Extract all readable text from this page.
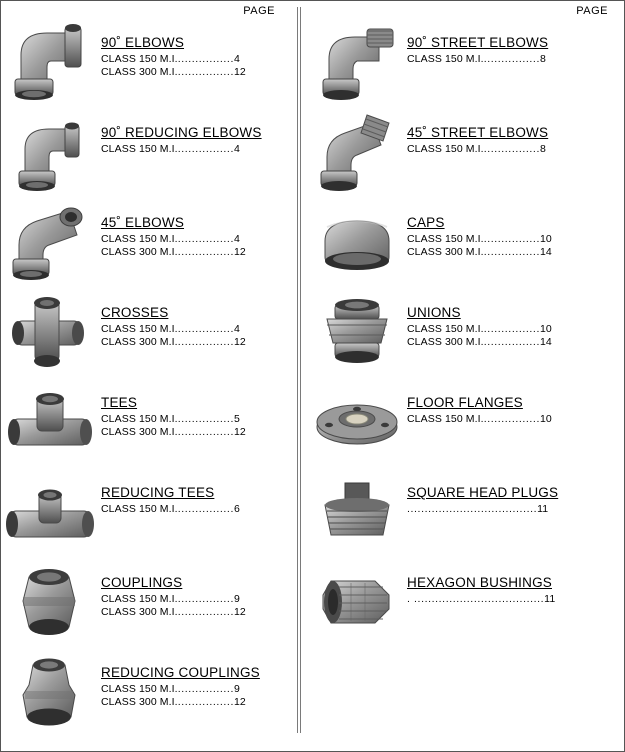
PAGE
90˚ ELBOWS
CLASS 150 M.I.................4
CLASS 300 M.I.................12
90˚ REDUCING ELBOWS
CLASS 150 M.I.................4
45˚ ELBOWS
CLASS 150 M.I.................4
CLASS 300 M.I.................12
CROSSES
CLASS 150 M.I.................4
CLASS 300 M.I.................12
TEES
CLASS 150 M.I.................5
CLASS 300 M.I.................12
REDUCING TEES
CLASS 150 M.I.................6
COUPLINGS
CLASS 150 M.I.................9
CLASS 300 M.I.................12
REDUCING COUPLINGS
CLASS 150 M.I.................9
CLASS 300 M.I.................12
PAGE
90˚ STREET ELBOWS
CLASS 150 M.I.................8
45˚ STREET ELBOWS
CLASS 150 M.I.................8
CAPS
CLASS 150 M.I.................10
CLASS 300 M.I.................14
UNIONS
CLASS 150 M.I.................10
CLASS 300 M.I.................14
FLOOR FLANGES
CLASS 150 M.I.................10
SQUARE HEAD PLUGS
.....................................11
HEXAGON BUSHINGS
. .....................................11
